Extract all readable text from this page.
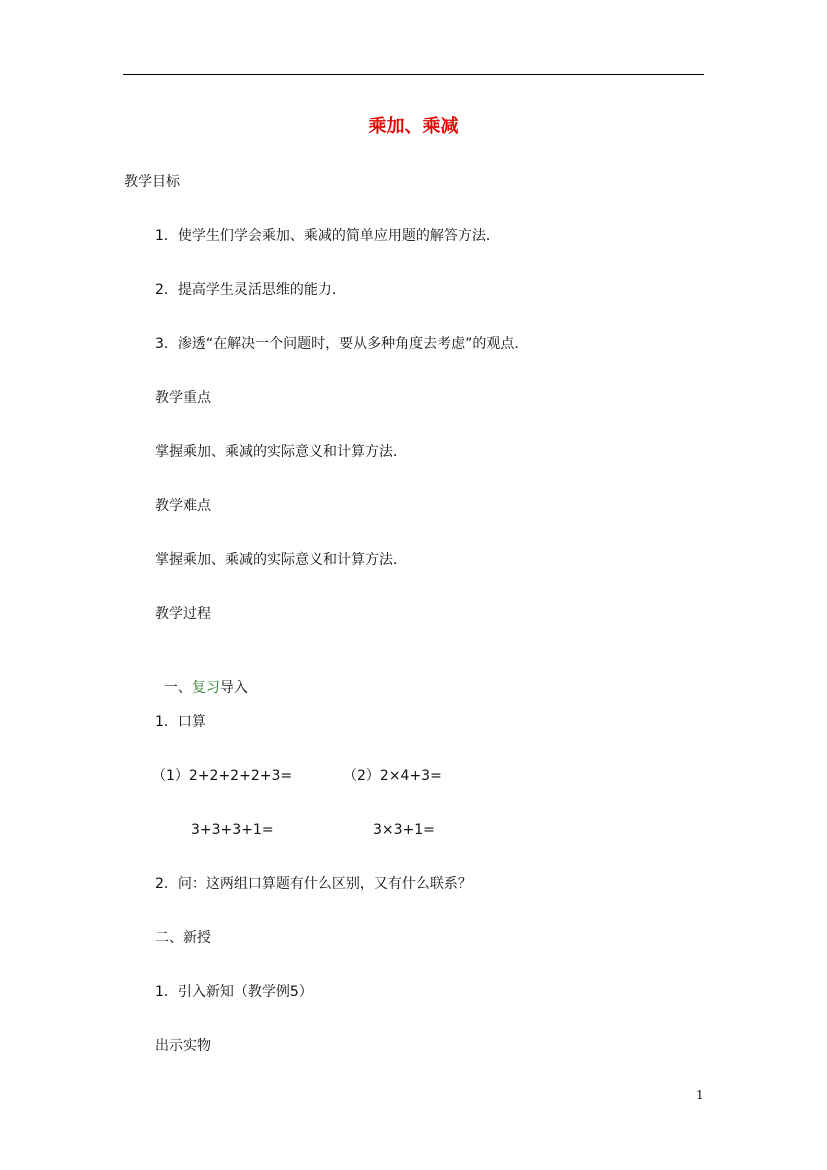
乘加、乘减
教学目标
1．使学生们学会乘加、乘减的简单应用题的解答方法．
2．提高学生灵活思维的能力．
3．渗透“在解决一个问题时，要从多种角度去考虑”的观点．
教学重点
掌握乘加、乘减的实际意义和计算方法．
教学难点
掌握乘加、乘减的实际意义和计算方法．
教学过程

一、复习导入

1．口算
（1）2+2+2+2+3=	（2）2×4+3=
3+3+3+1=	3×3+1=
2．问：这两组口算题有什么区别，又有什么联系？
二、新授
1．引入新知（教学例5）
出示实物
1
